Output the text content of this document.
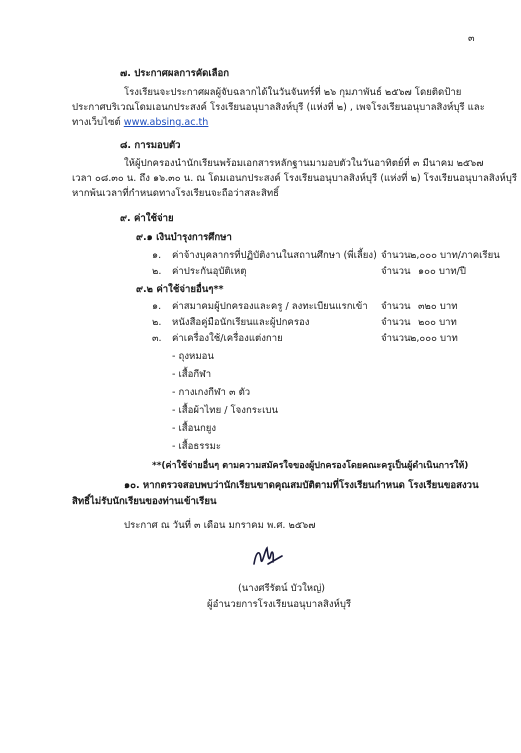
๓
๗. ประกาศผลการคัดเลือก
โรงเรียนจะประกาศผลผู้จับฉลากได้ในวันจันทร์ที่ ๒๖ กุมภาพันธ์ ๒๕๖๗ โดยติดป้าย
ประกาศบริเวณโดมเอนกประสงค์ โรงเรียนอนุบาลสิงห์บุรี (แห่งที่ ๒) , เพจโรงเรียนอนุบาลสิงห์บุรี และ
ทางเว็บไซต์ www.absing.ac.th
๘. การมอบตัว
ให้ผู้ปกครองนำนักเรียนพร้อมเอกสารหลักฐานมามอบตัวในวันอาทิตย์ที่ ๓ มีนาคม ๒๕๖๗
เวลา ๐๘.๓๐ น. ถึง ๑๖.๓๐ น. ณ โดมเอนกประสงค์ โรงเรียนอนุบาลสิงห์บุรี (แห่งที่ ๒) โรงเรียนอนุบาลสิงห์บุรี
หากพ้นเวลาที่กำหนดทางโรงเรียนจะถือว่าสละสิทธิ์
๙. ค่าใช้จ่าย
๙.๑ เงินบำรุงการศึกษา
๑. ค่าจ้างบุคลากรที่ปฏิบัติงานในสถานศึกษา (พี่เลี้ยง) จำนวน ๒,๐๐๐ บาท/ภาคเรียน
๒. ค่าประกันอุบัติเหตุ	จำนวน ๑๐๐ บาท/ปี
๙.๒ ค่าใช้จ่ายอื่นๆ**
๑. ค่าสมาคมผู้ปกครองและครู / ลงทะเบียนแรกเข้า จำนวน ๓๒๐ บาท
๒. หนังสือคู่มือนักเรียนและผู้ปกครอง	จำนวน ๒๐๐ บาท
๓. ค่าเครื่องใช้/เครื่องแต่งกาย	จำนวน ๒,๐๐๐ บาท
- ถุงหมอน
- เสื้อกีฬา
- กางเกงกีฬา ๓ ตัว
- เสื้อผ้าไทย / โจงกระเบน
- เสื้อนกยูง
- เสื้อธรรมะ
**(ค่าใช้จ่ายอื่นๆ ตามความสมัครใจของผู้ปกครองโดยคณะครูเป็นผู้ดำเนินการให้)
๑๐. หากตรวจสอบพบว่านักเรียนขาดคุณสมบัติตามที่โรงเรียนกำหนด โรงเรียนขอสงวน
สิทธิ์ไม่รับนักเรียนของท่านเข้าเรียน
ประกาศ ณ วันที่ ๓ เดือน มกราคม พ.ศ. ๒๕๖๗
(นางศรีรัตน์ บัวใหญ่)
ผู้อำนวยการโรงเรียนอนุบาลสิงห์บุรี
